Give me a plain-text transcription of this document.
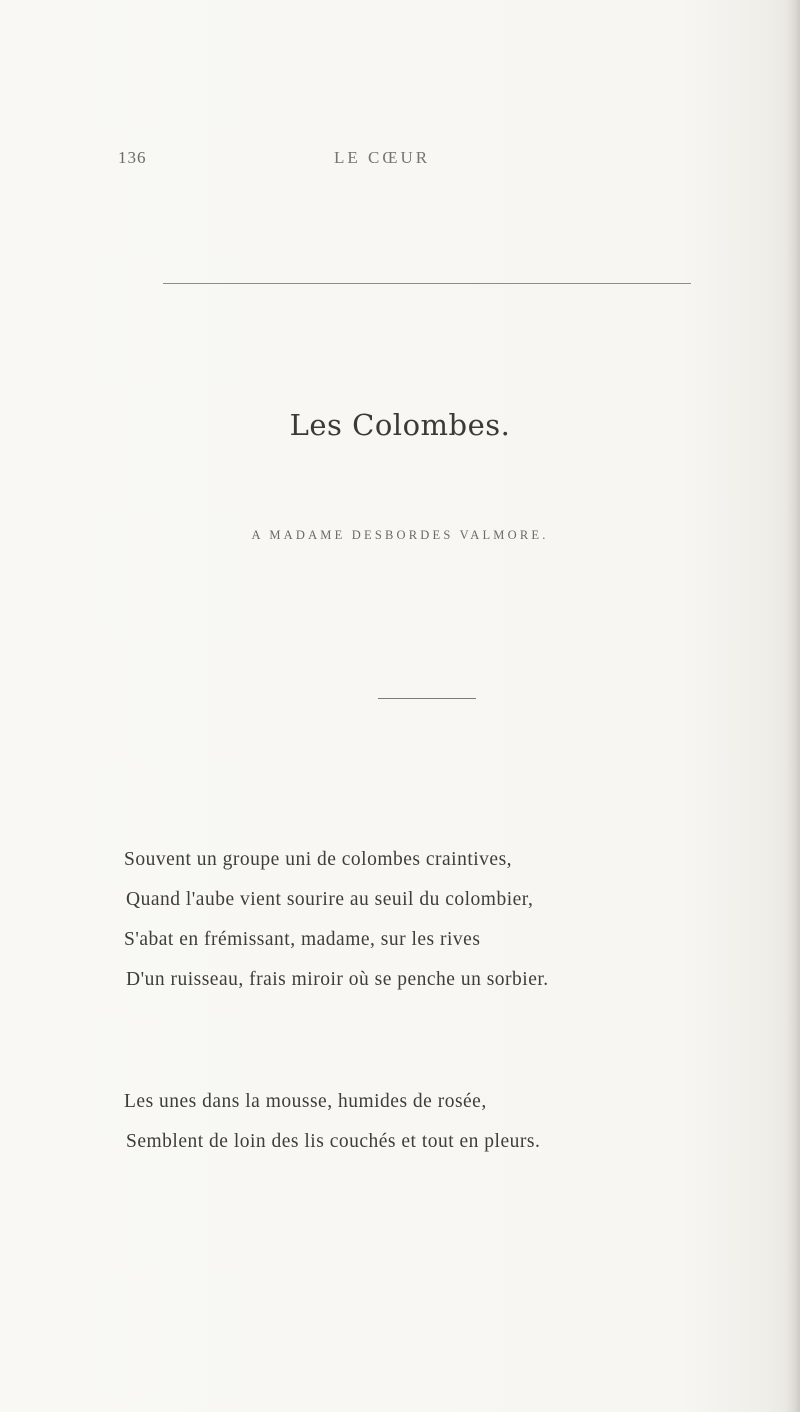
136	LE CŒUR
Les Colombes.
A MADAME DESBORDES VALMORE.
Souvent un groupe uni de colombes craintives,
Quand l'aube vient sourire au seuil du colombier,
S'abat en frémissant, madame, sur les rives
D'un ruisseau, frais miroir où se penche un sorbier.
Les unes dans la mousse, humides de rosée,
Semblent de loin des lis couchés et tout en pleurs.
